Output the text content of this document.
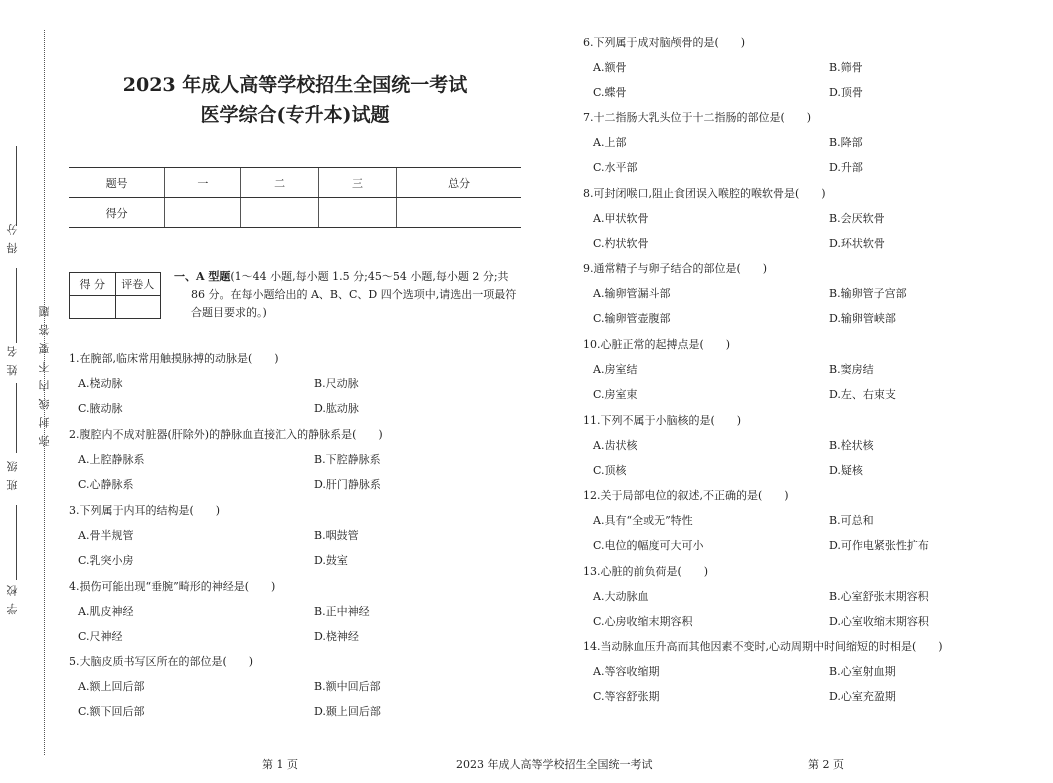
弥 封 线 内 不 要 答 题
得 分
姓 名
班 级
学 校
2023 年成人高等学校招生全国统一考试
医学综合(专升本)试题
题号	一	二	三	总分
得分				
得 分	评卷人

一、A 型题(1～44 小题,每小题 1.5 分;45～54 小题,每小题 2 分;共
86 分。在每小题给出的 A、B、C、D 四个选项中,请选出一项最符
合题目要求的。)
1.在腕部,临床常用触摸脉搏的动脉是(　　)
A.桡动脉	B.尺动脉
C.腋动脉	D.肱动脉
2.腹腔内不成对脏器(肝除外)的静脉血直接汇入的静脉系是(　　)
A.上腔静脉系	B.下腔静脉系
C.心静脉系	D.肝门静脉系
3.下列属于内耳的结构是(　　)
A.骨半规管	B.咽鼓管
C.乳突小房	D.鼓室
4.损伤可能出现“垂腕”畸形的神经是(　　)
A.肌皮神经	B.正中神经
C.尺神经	D.桡神经
5.大脑皮质书写区所在的部位是(　　)
A.额上回后部	B.额中回后部
C.额下回后部	D.颞上回后部
6.下列属于成对脑颅骨的是(　　)
A.额骨	B.筛骨
C.蝶骨	D.顶骨
7.十二指肠大乳头位于十二指肠的部位是(　　)
A.上部	B.降部
C.水平部	D.升部
8.可封闭喉口,阻止食团误入喉腔的喉软骨是(　　)
A.甲状软骨	B.会厌软骨
C.杓状软骨	D.环状软骨
9.通常精子与卵子结合的部位是(　　)
A.输卵管漏斗部	B.输卵管子宫部
C.输卵管壶腹部	D.输卵管峡部
10.心脏正常的起搏点是(　　)
A.房室结	B.窦房结
C.房室束	D.左、右束支
11.下列不属于小脑核的是(　　)
A.齿状核	B.栓状核
C.顶核	D.疑核
12.关于局部电位的叙述,不正确的是(　　)
A.具有“全或无”特性	B.可总和
C.电位的幅度可大可小	D.可作电紧张性扩布
13.心脏的前负荷是(　　)
A.大动脉血	B.心室舒张末期容积
C.心房收缩末期容积	D.心室收缩末期容积
14.当动脉血压升高而其他因素不变时,心动周期中时间缩短的时相是(　　)
A.等容收缩期	B.心室射血期
C.等容舒张期	D.心室充盈期
第 1 页	2023 年成人高等学校招生全国统一考试	第 2 页
